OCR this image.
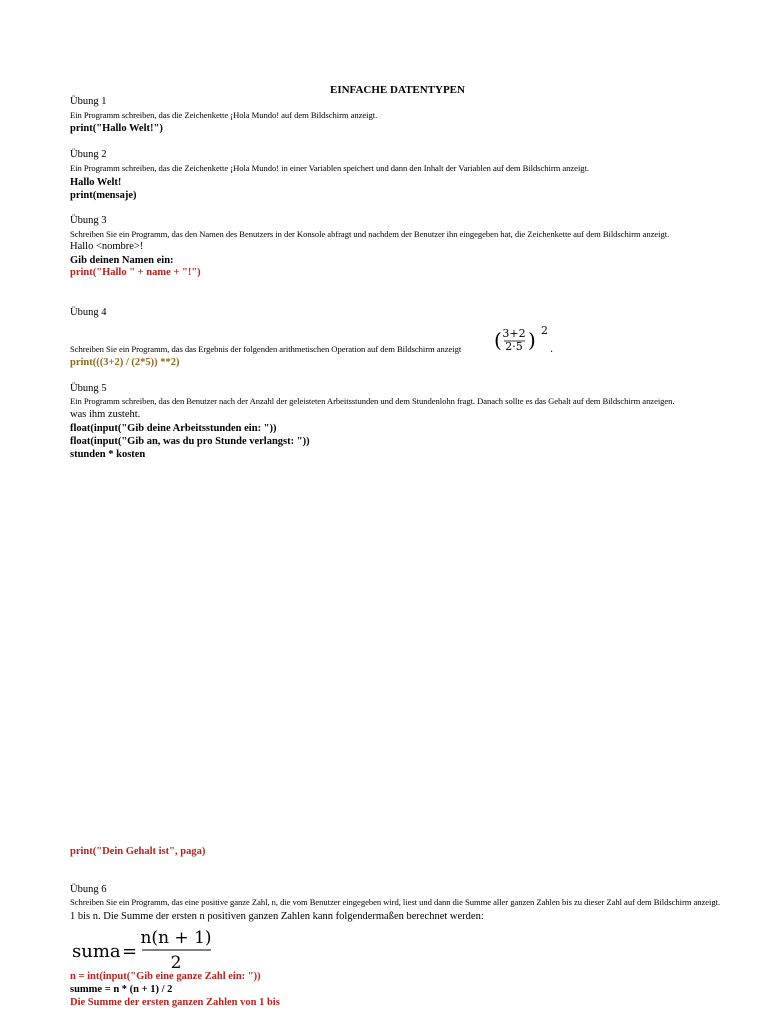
EINFACHE DATENTYPEN
Übung 1
Ein Programm schreiben, das die Zeichenkette ¡Hola Mundo! auf dem Bildschirm anzeigt.
print("Hallo Welt!")
Übung 2
Ein Programm schreiben, das die Zeichenkette ¡Hola Mundo! in einer Variablen speichert und dann den Inhalt der Variablen auf dem Bildschirm anzeigt.
Hallo Welt!
print(mensaje)
Übung 3
Schreiben Sie ein Programm, das den Namen des Benutzers in der Konsole abfragt und nachdem der Benutzer ihn eingegeben hat, die Zeichenkette auf dem Bildschirm anzeigt.
Hallo <nombre>!
Gib deinen Namen ein:
print("Hallo " + name + "!")
Übung 4
Schreiben Sie ein Programm, das das Ergebnis der folgenden arithmetischen Operation auf dem Bildschirm anzeigt ( 3+2
2·5 ) 2
.
print(((3+2) / (2*5)) **2)
Übung 5
Ein Programm schreiben, das den Benutzer nach der Anzahl der geleisteten Arbeitsstunden und dem Stundenlohn fragt. Danach sollte es das Gehalt auf dem Bildschirm anzeigen.
was ihm zusteht.
float(input("Gib deine Arbeitsstunden ein: "))
float(input("Gib an, was du pro Stunde verlangst: "))
stunden * kosten
print("Dein Gehalt ist", paga)
Übung 6
Schreiben Sie ein Programm, das eine positive ganze Zahl, n, die vom Benutzer eingegeben wird, liest und dann die Summe aller ganzen Zahlen bis zu dieser Zahl auf dem Bildschirm anzeigt.
1 bis n. Die Summe der ersten n positiven ganzen Zahlen kann folgendermaßen berechnet werden:
suma =
n(n + 1)
2
n = int(input("Gib eine ganze Zahl ein: "))
summe = n * (n + 1) / 2
Die Summe der ersten ganzen Zahlen von 1 bis
